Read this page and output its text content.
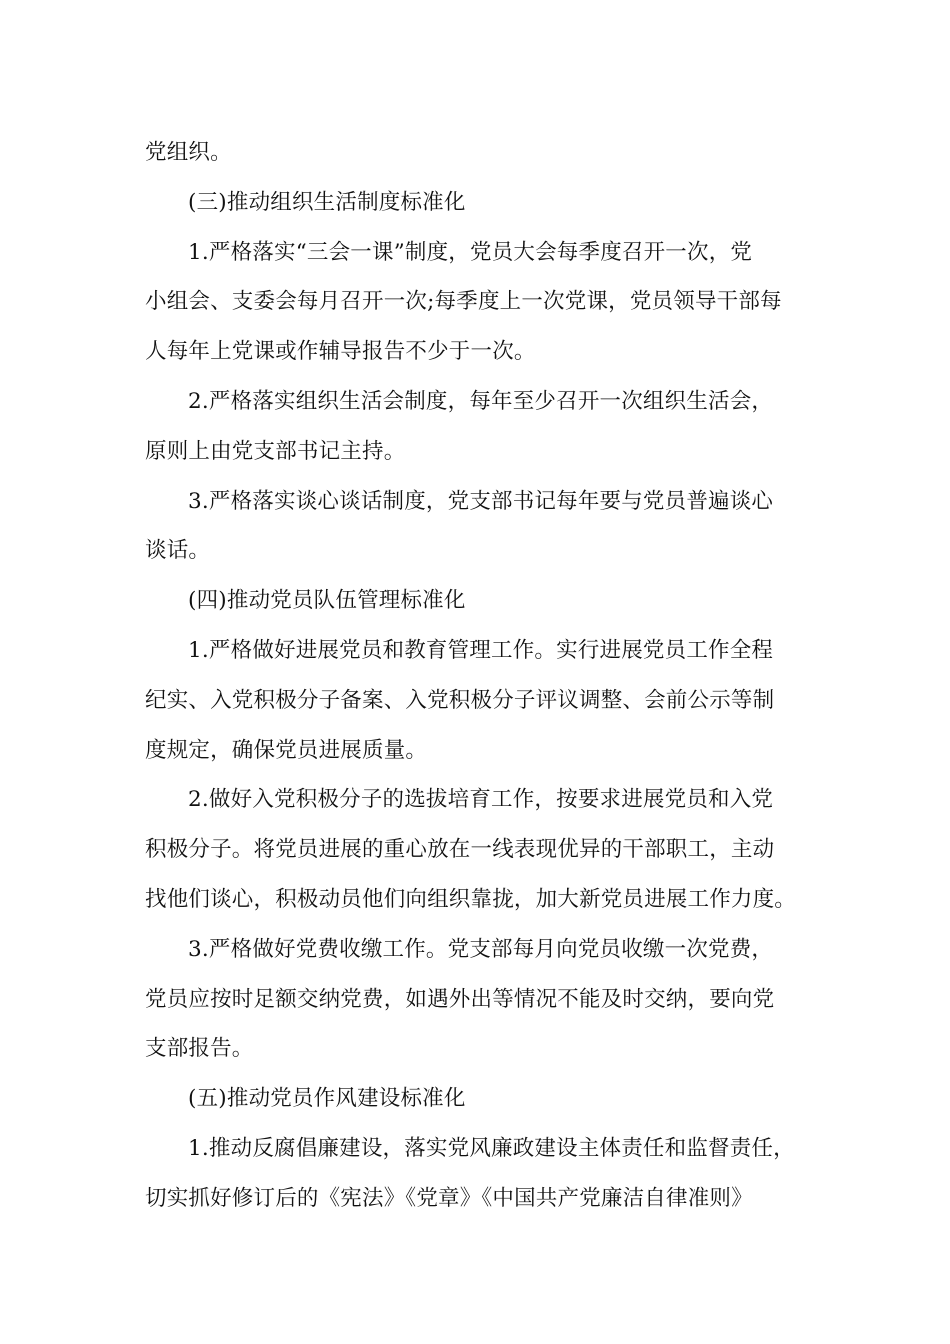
党组织。
(三)推动组织生活制度标准化
1.严格落实“三会一课”制度，党员大会每季度召开一次，党
小组会、支委会每月召开一次;每季度上一次党课，党员领导干部每
人每年上党课或作辅导报告不少于一次。
2.严格落实组织生活会制度，每年至少召开一次组织生活会，
原则上由党支部书记主持。
3.严格落实谈心谈话制度，党支部书记每年要与党员普遍谈心
谈话。
(四)推动党员队伍管理标准化
1.严格做好进展党员和教育管理工作。实行进展党员工作全程
纪实、入党积极分子备案、入党积极分子评议调整、会前公示等制
度规定，确保党员进展质量。
2.做好入党积极分子的选拔培育工作，按要求进展党员和入党
积极分子。将党员进展的重心放在一线表现优异的干部职工，主动
找他们谈心，积极动员他们向组织靠拢，加大新党员进展工作力度。
3.严格做好党费收缴工作。党支部每月向党员收缴一次党费，
党员应按时足额交纳党费，如遇外出等情况不能及时交纳，要向党
支部报告。
(五)推动党员作风建设标准化
1.推动反腐倡廉建设，落实党风廉政建设主体责任和监督责任，
切实抓好修订后的《宪法》《党章》《中国共产党廉洁自律准则》
